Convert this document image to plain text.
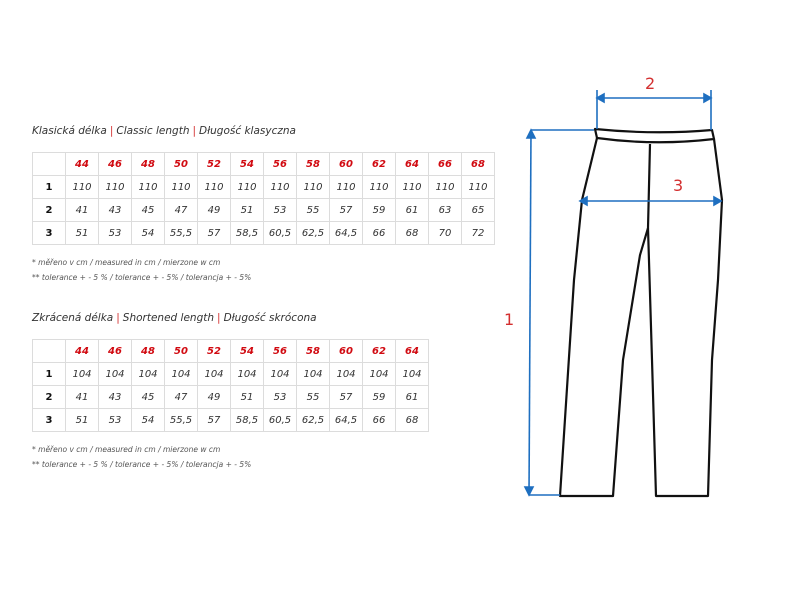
Klasická délka | Classic length | Długość klasyczna
	44	46	48	50	52	54	56	58	60	62	64	66	68
1	110	110	110	110	110	110	110	110	110	110	110	110	110
2	41	43	45	47	49	51	53	55	57	59	61	63	65
3	51	53	54	55,5	57	58,5	60,5	62,5	64,5	66	68	70	72
* měřeno v cm / measured in cm / mierzone w cm
** tolerance + - 5 % / tolerance + - 5% / tolerancja + - 5%
Zkrácená délka | Shortened length | Długość skrócona
	44	46	48	50	52	54	56	58	60	62	64
1	104	104	104	104	104	104	104	104	104	104	104
2	41	43	45	47	49	51	53	55	57	59	61
3	51	53	54	55,5	57	58,5	60,5	62,5	64,5	66	68
* měřeno v cm / measured in cm / mierzone w cm
** tolerance + - 5 % / tolerance + - 5% / tolerancja + - 5%
2
3
1
